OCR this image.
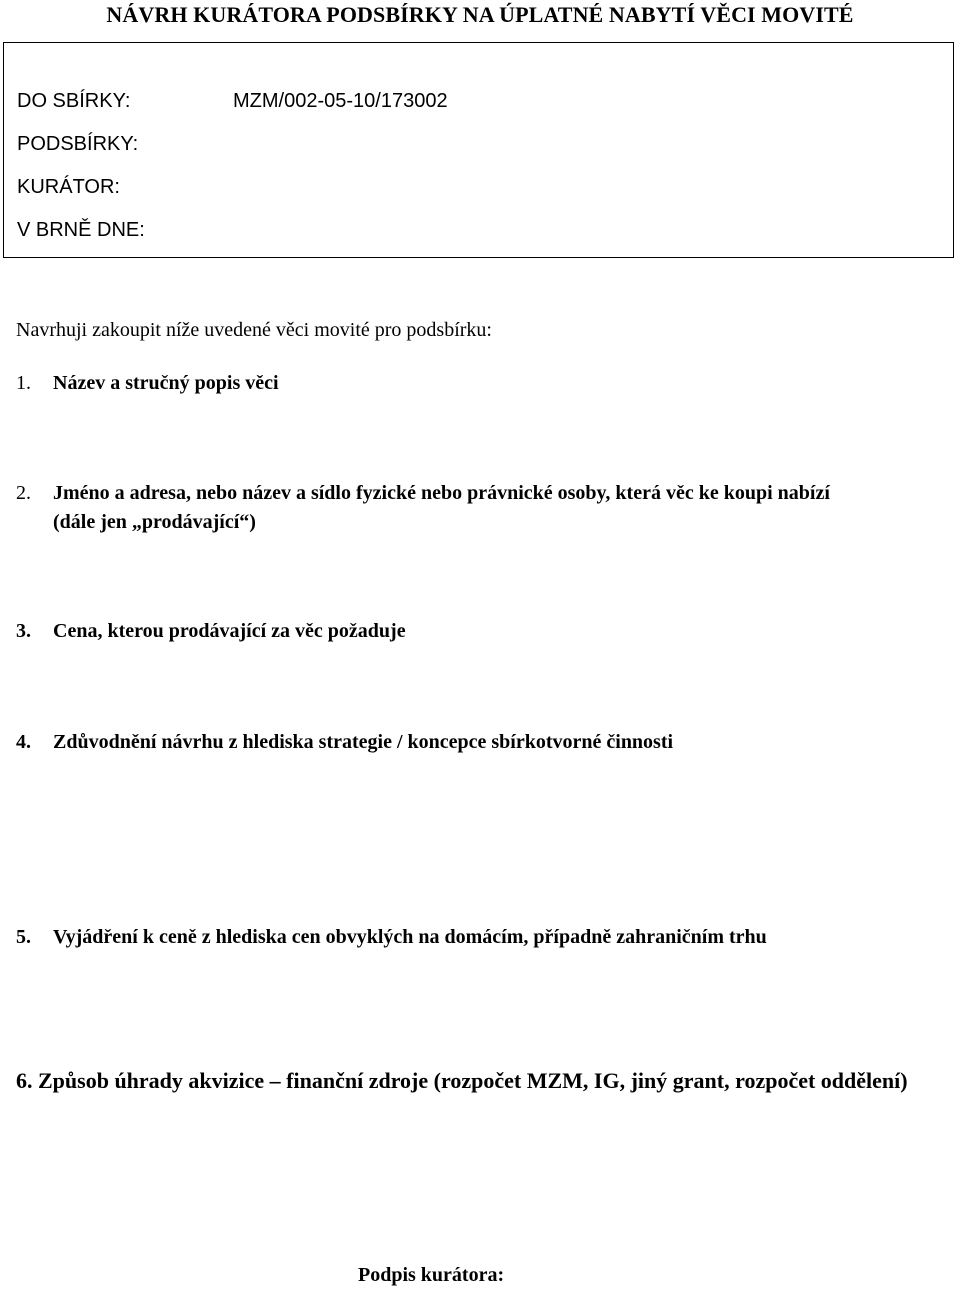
NÁVRH KURÁTORA PODSBÍRKY NA ÚPLATNÉ NABYTÍ VĚCI MOVITÉ
DO SBÍRKY:	MZM/002-05-10/173002
PODSBÍRKY:
KURÁTOR:
V BRNĚ DNE:
Navrhuji zakoupit níže uvedené věci movité pro podsbírku:
1. Název a stručný popis věci
2. Jméno a adresa, nebo název a sídlo fyzické nebo právnické osoby, která věc ke koupi nabízí
(dále jen „prodávající“)
3. Cena, kterou prodávající za věc požaduje
4. Zdůvodnění návrhu z hlediska strategie / koncepce sbírkotvorné činnosti
5. Vyjádření k ceně z hlediska cen obvyklých na domácím, případně zahraničním trhu
6. Způsob úhrady akvizice – finanční zdroje (rozpočet MZM, IG, jiný grant, rozpočet oddělení)
Podpis kurátora:
